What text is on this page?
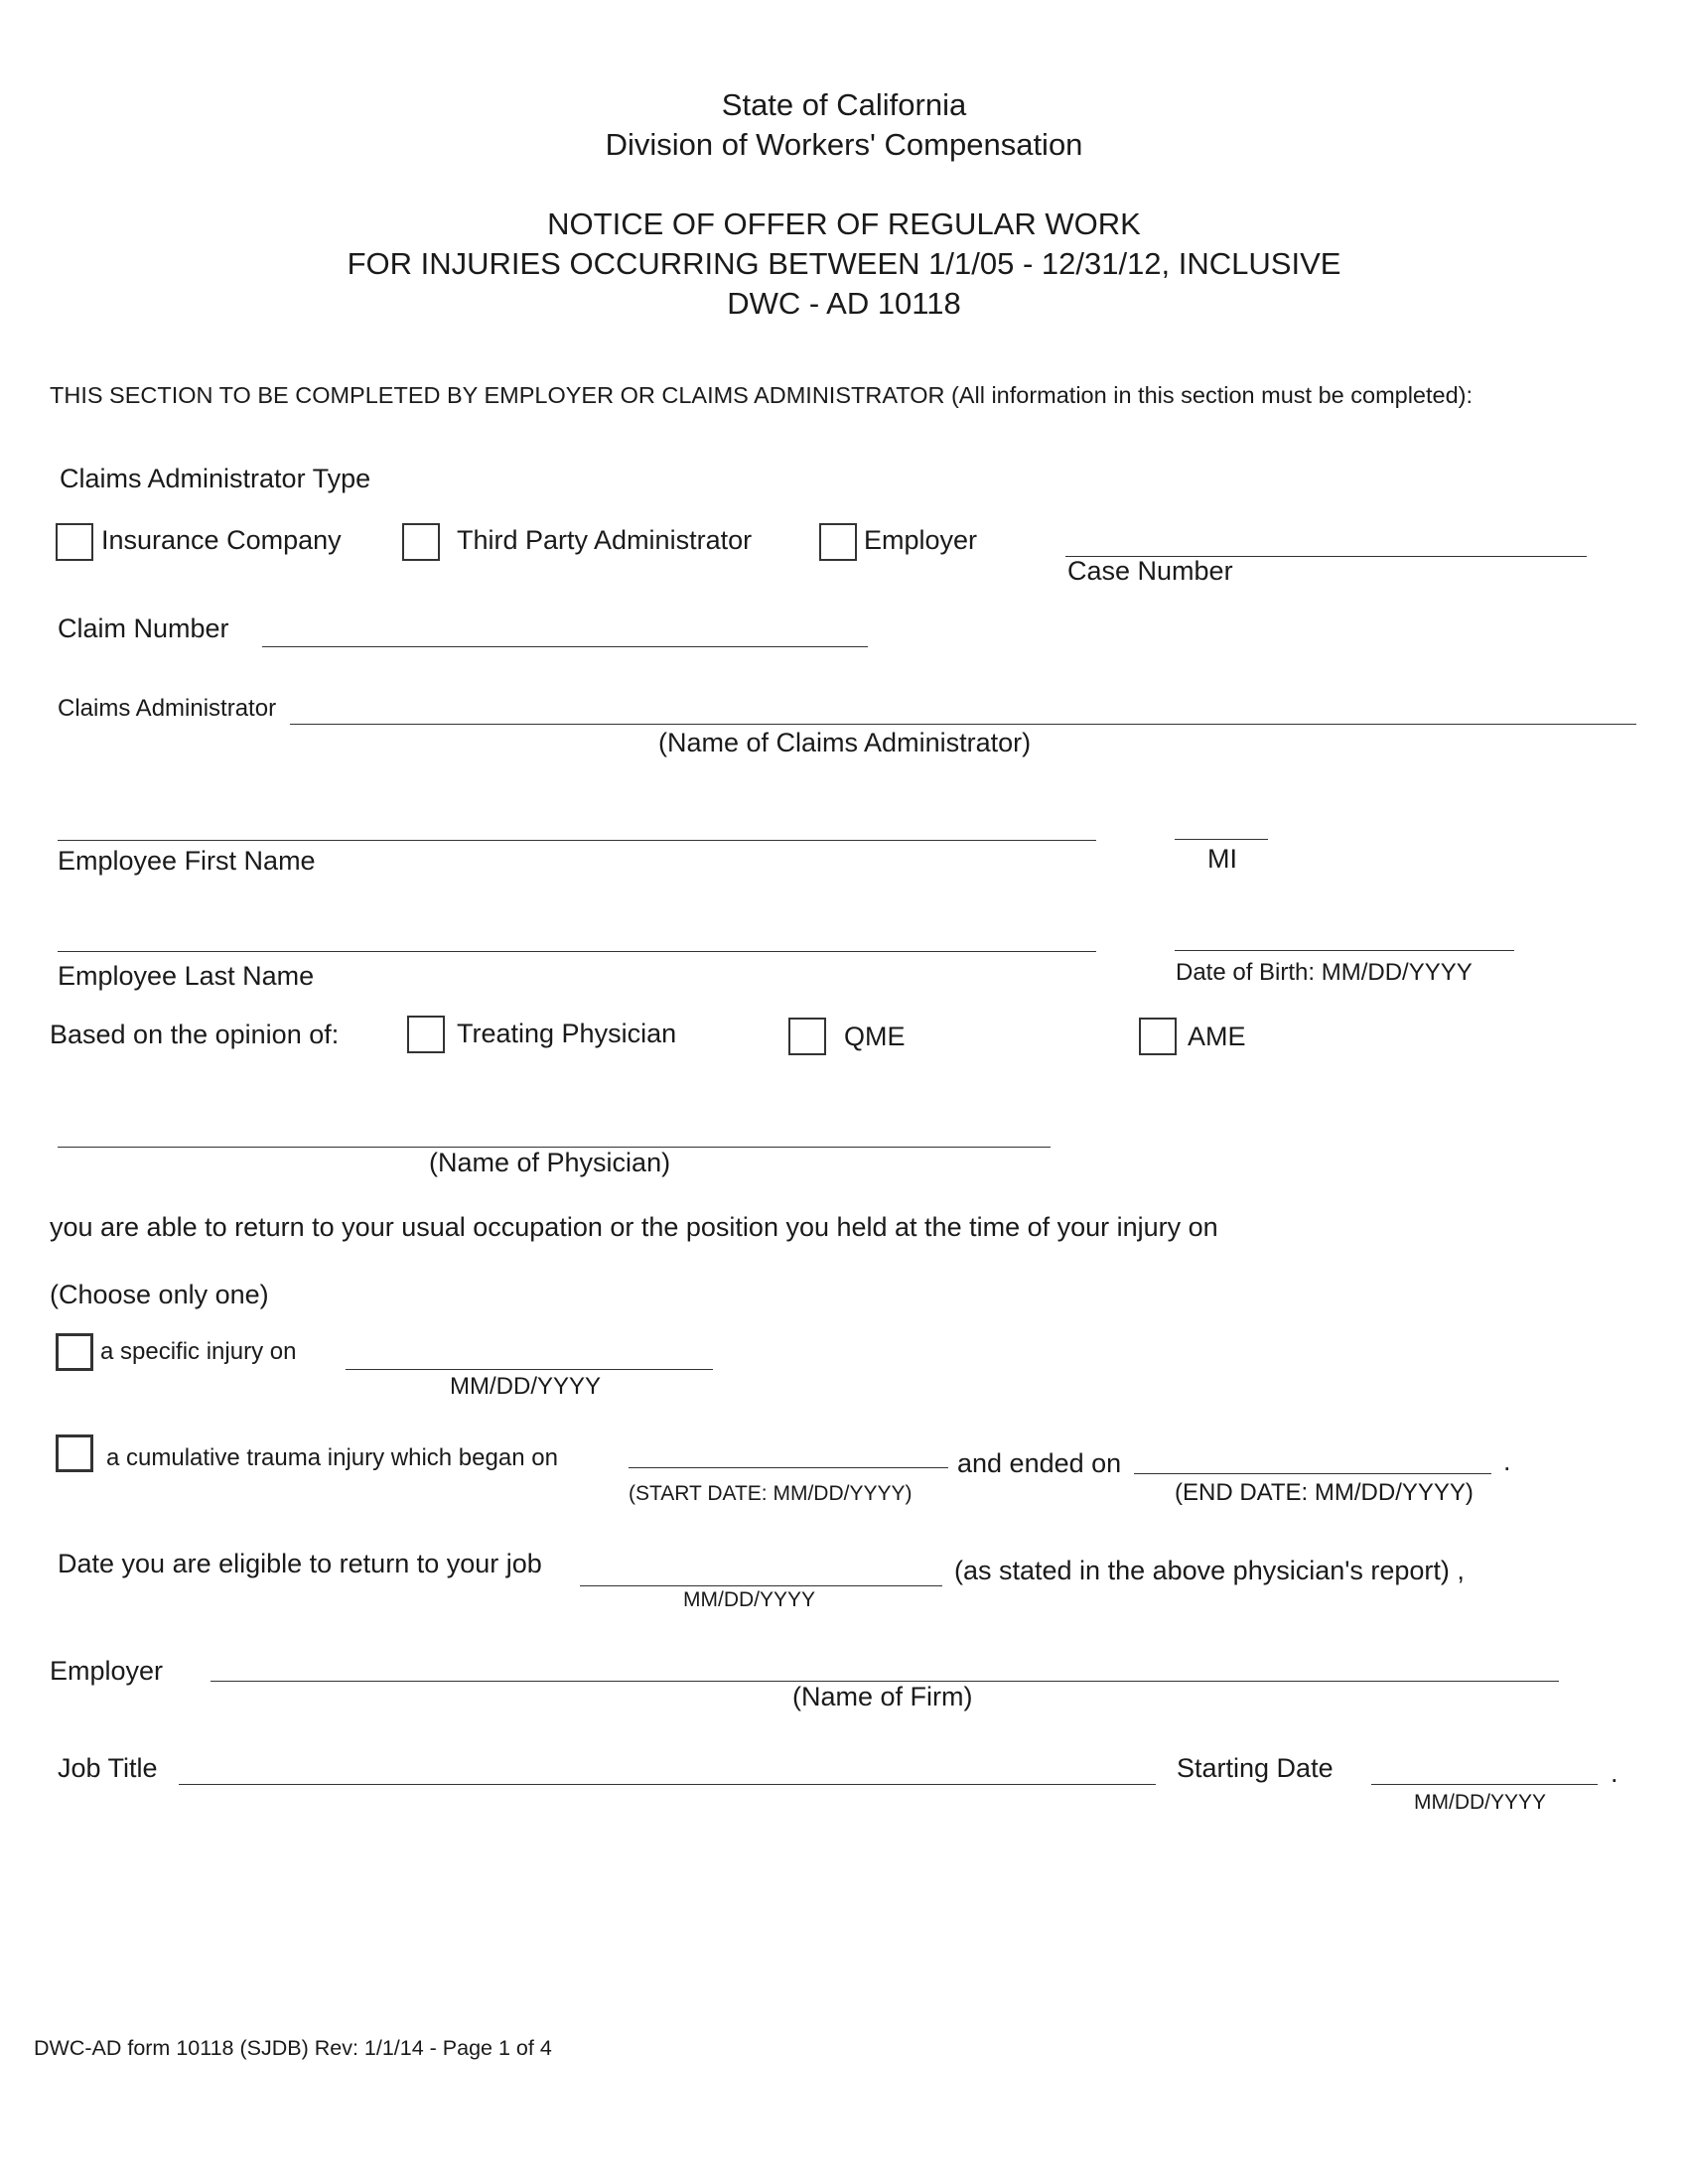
State of California
Division of Workers' Compensation
NOTICE OF OFFER OF REGULAR WORK
FOR INJURIES OCCURRING BETWEEN 1/1/05 - 12/31/12, INCLUSIVE
DWC - AD 10118
THIS SECTION TO BE COMPLETED BY EMPLOYER OR CLAIMS ADMINISTRATOR (All information in this section must be completed):
Claims Administrator Type
Insurance Company	Third Party Administrator	Employer
Case Number
Claim Number
Claims Administrator
(Name of Claims Administrator)
Employee First Name	MI
Employee Last Name	Date of Birth: MM/DD/YYYY
Based on the opinion of:	Treating Physician	QME	AME
(Name of Physician)
you are able to return to your usual occupation or the position you held at the time of your injury on
(Choose only one)
a specific injury on
MM/DD/YYYY
a cumulative trauma injury which began on
(START DATE: MM/DD/YYYY)
and ended on	.
(END DATE: MM/DD/YYYY)
Date you are eligible to return to your job
MM/DD/YYYY
(as stated in the above physician's report) ,
Employer
(Name of Firm)
Job Title	Starting Date	.
MM/DD/YYYY
DWC-AD form 10118 (SJDB) Rev: 1/1/14 - Page 1 of 4
